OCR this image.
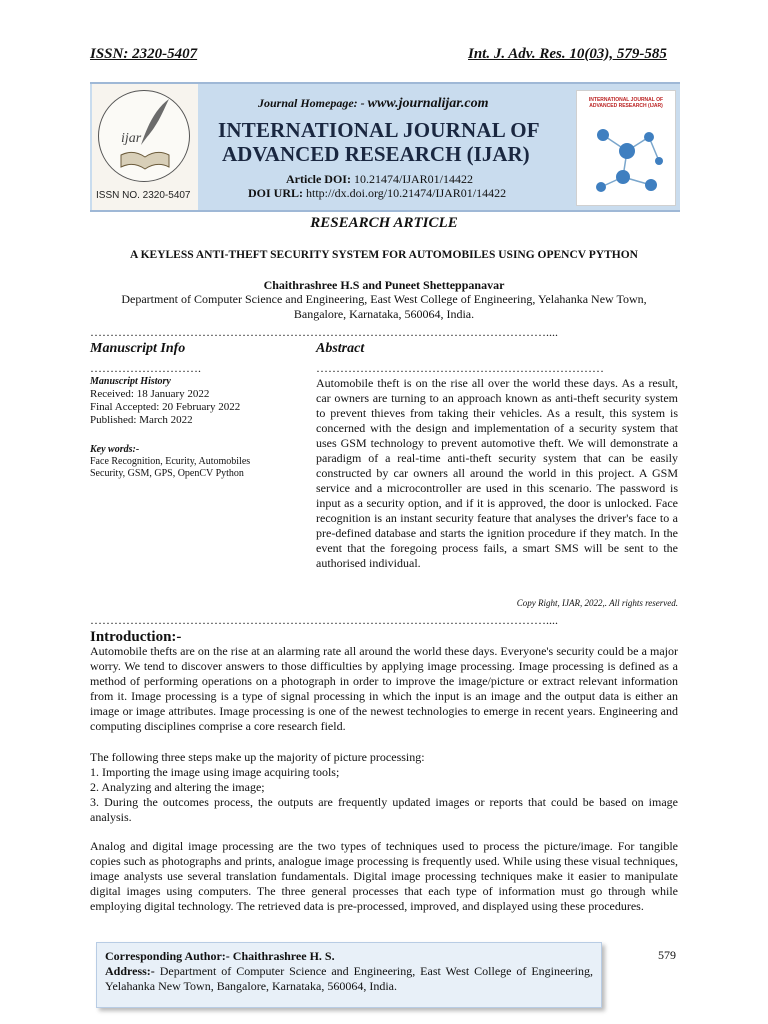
ISSN: 2320-5407	Int. J. Adv. Res. 10(03), 579-585
ijar
ISSN NO. 2320-5407
Journal Homepage: - www.journalijar.com
INTERNATIONAL JOURNAL OF
ADVANCED RESEARCH (IJAR)
Article DOI: 10.21474/IJAR01/14422
DOI URL: http://dx.doi.org/10.21474/IJAR01/14422
INTERNATIONAL JOURNAL OF ADVANCED RESEARCH (IJAR)
RESEARCH ARTICLE
A KEYLESS ANTI-THEFT SECURITY SYSTEM FOR AUTOMOBILES USING OPENCV PYTHON
Chaithrashree H.S and Puneet Shetteppanavar
Department of Computer Science and Engineering, East West College of Engineering, Yelahanka New Town,
Bangalore, Karnataka, 560064, India.
……………………………………………………………………………………………………....
Manuscript Info
……………………….
Manuscript History
Received: 18 January 2022
Final Accepted: 20 February 2022
Published: March 2022
Key words:-
Face Recognition, Ecurity, Automobiles
Security, GSM, GPS, OpenCV Python
Abstract
………………………………………………………………
Automobile theft is on the rise all over the world these days. As a result, car owners are turning to an approach known as anti-theft security system to prevent thieves from taking their vehicles. As a result, this system is concerned with the design and implementation of a security system that uses GSM technology to prevent automotive theft. We will demonstrate a paradigm of a real-time anti-theft security system that can be easily constructed by car owners all around the world in this project. A GSM service and a microcontroller are used in this scenario. The password is input as a security option, and if it is approved, the door is unlocked. Face recognition is an instant security feature that analyses the driver's face to a pre-defined database and starts the ignition procedure if they match. In the event that the foregoing process fails, a smart SMS will be sent to the authorised individual.
Copy Right, IJAR, 2022,. All rights reserved.
……………………………………………………………………………………………………....
Introduction:-
Automobile thefts are on the rise at an alarming rate all around the world these days. Everyone's security could be a major worry. We tend to discover answers to those difficulties by applying image processing. Image processing is defined as a method of performing operations on a photograph in order to improve the image/picture or extract relevant information from it. Image processing is a type of signal processing in which the input is an image and the output data is either an image or image attributes. Image processing is one of the newest technologies to emerge in recent years. Engineering and computing disciplines comprise a core research field.
The following three steps make up the majority of picture processing:
1. Importing the image using image acquiring tools;
2. Analyzing and altering the image;
3. During the outcomes process, the outputs are frequently updated images or reports that could be based on image analysis.
Analog and digital image processing are the two types of techniques used to process the picture/image. For tangible copies such as photographs and prints, analogue image processing is frequently used. While using these visual techniques, image analysts use several translation fundamentals. Digital image processing techniques make it easier to manipulate digital images using computers. The three general processes that each type of information must go through while employing digital technology. The retrieved data is pre-processed, improved, and displayed using these procedures.
Corresponding Author:- Chaithrashree H. S.
Address:- Department of Computer Science and Engineering, East West College of Engineering, Yelahanka New Town, Bangalore, Karnataka, 560064, India.
579
